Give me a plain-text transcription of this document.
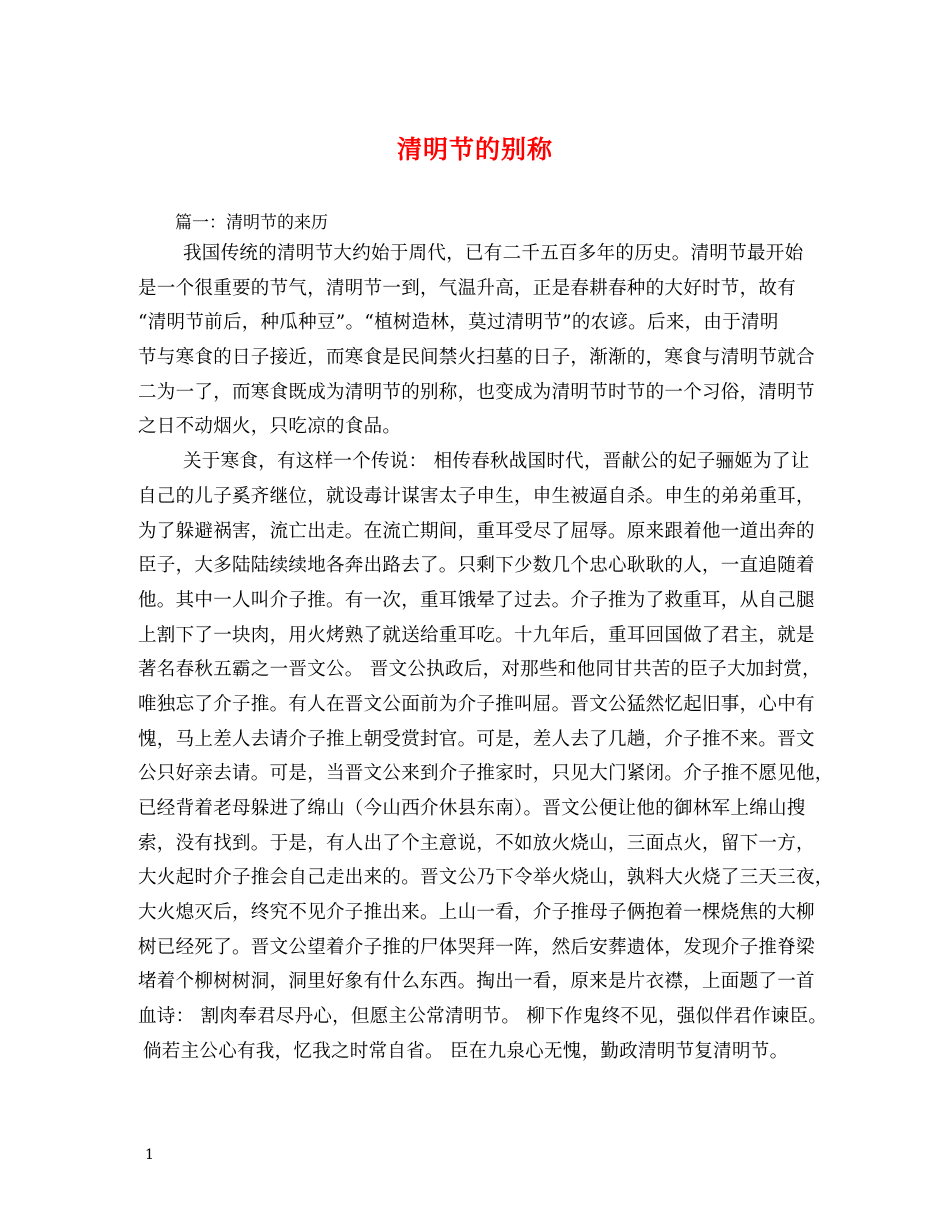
清明节的别称
篇一：清明节的来历
我国传统的清明节大约始于周代，已有二千五百多年的历史。清明节最开始
是一个很重要的节气，清明节一到，气温升高，正是春耕春种的大好时节，故有
“清明节前后，种瓜种豆”。“植树造林，莫过清明节”的农谚。后来，由于清明
节与寒食的日子接近，而寒食是民间禁火扫墓的日子，渐渐的，寒食与清明节就合
二为一了，而寒食既成为清明节的别称，也变成为清明节时节的一个习俗，清明节
之日不动烟火，只吃凉的食品。
关于寒食，有这样一个传说： 相传春秋战国时代，晋献公的妃子骊姬为了让
自己的儿子奚齐继位，就设毒计谋害太子申生，申生被逼自杀。申生的弟弟重耳，
为了躲避祸害，流亡出走。在流亡期间，重耳受尽了屈辱。原来跟着他一道出奔的
臣子，大多陆陆续续地各奔出路去了。只剩下少数几个忠心耿耿的人，一直追随着
他。其中一人叫介子推。有一次，重耳饿晕了过去。介子推为了救重耳，从自己腿
上割下了一块肉，用火烤熟了就送给重耳吃。十九年后，重耳回国做了君主，就是
著名春秋五霸之一晋文公。 晋文公执政后，对那些和他同甘共苦的臣子大加封赏，
唯独忘了介子推。有人在晋文公面前为介子推叫屈。晋文公猛然忆起旧事，心中有
愧，马上差人去请介子推上朝受赏封官。可是，差人去了几趟，介子推不来。晋文
公只好亲去请。可是，当晋文公来到介子推家时，只见大门紧闭。介子推不愿见他，
已经背着老母躲进了绵山（今山西介休县东南）。晋文公便让他的御林军上绵山搜
索，没有找到。于是，有人出了个主意说，不如放火烧山，三面点火，留下一方，
大火起时介子推会自己走出来的。晋文公乃下令举火烧山，孰料大火烧了三天三夜，
大火熄灭后，终究不见介子推出来。上山一看，介子推母子俩抱着一棵烧焦的大柳
树已经死了。晋文公望着介子推的尸体哭拜一阵，然后安葬遗体，发现介子推脊梁
堵着个柳树树洞，洞里好象有什么东西。掏出一看，原来是片衣襟，上面题了一首
血诗： 割肉奉君尽丹心，但愿主公常清明节。 柳下作鬼终不见，强似伴君作谏臣。
倘若主公心有我，忆我之时常自省。 臣在九泉心无愧，勤政清明节复清明节。
1
